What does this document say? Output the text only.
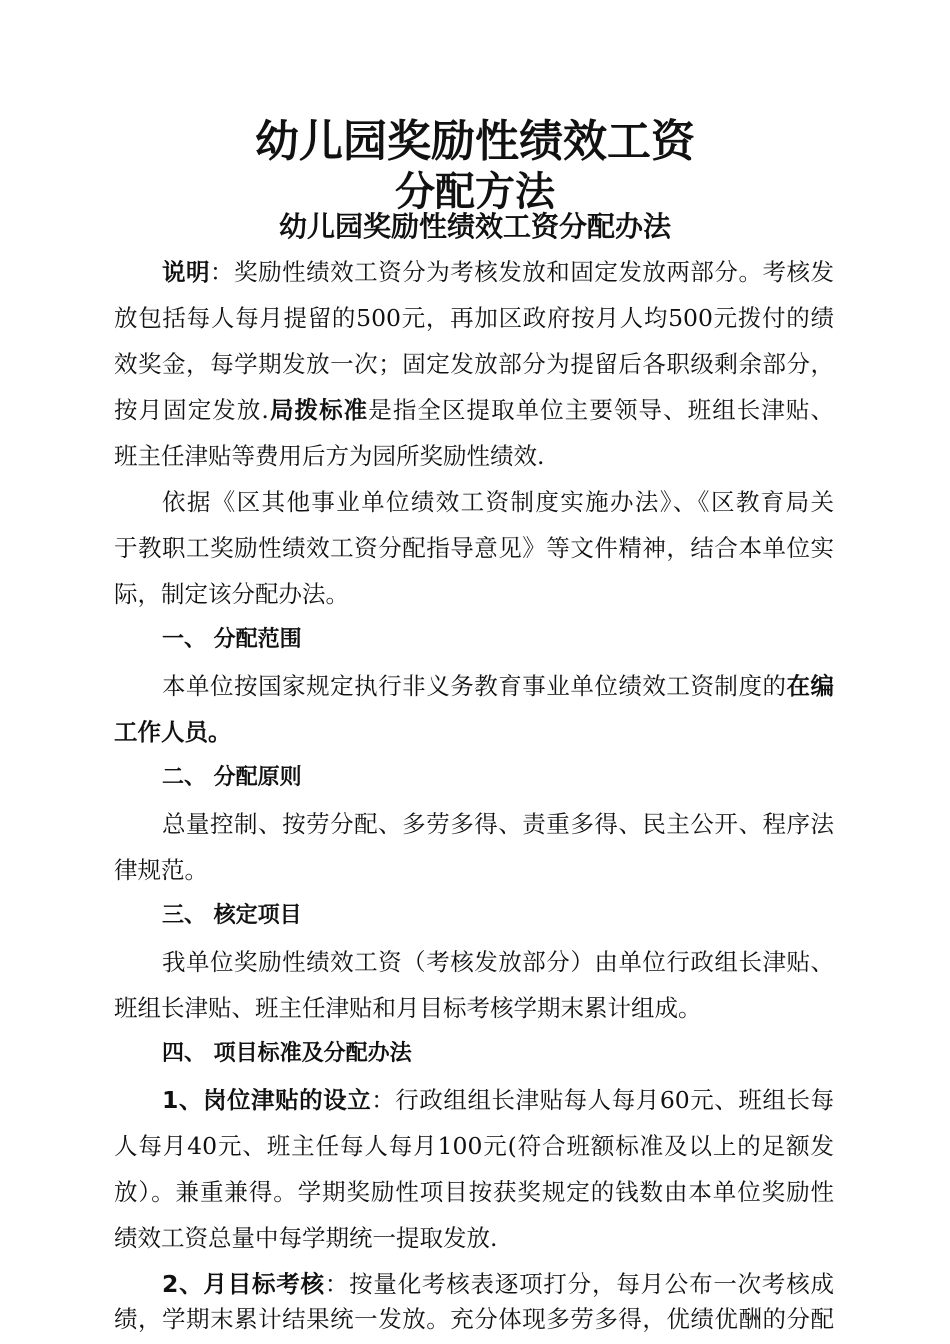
幼儿园奖励性绩效工资
分配方法
幼儿园奖励性绩效工资分配办法
说明：奖励性绩效工资分为考核发放和固定发放两部分。考核发
放包括每人每月提留的500元，再加区政府按月人均500元拨付的绩
效奖金，每学期发放一次；固定发放部分为提留后各职级剩余部分，
按月固定发放.局拨标准是指全区提取单位主要领导、班组长津贴、
班主任津贴等费用后方为园所奖励性绩效.
依据《区其他事业单位绩效工资制度实施办法》、《区教育局关
于教职工奖励性绩效工资分配指导意见》等文件精神，结合本单位实
际，制定该分配办法。
一、 分配范围
本单位按国家规定执行非义务教育事业单位绩效工资制度的在编
工作人员。
二、 分配原则
总量控制、按劳分配、多劳多得、责重多得、民主公开、程序法
律规范。
三、 核定项目
我单位奖励性绩效工资（考核发放部分）由单位行政组长津贴、
班组长津贴、班主任津贴和月目标考核学期末累计组成。
四、 项目标准及分配办法
1、岗位津贴的设立：行政组组长津贴每人每月60元、班组长每
人每月40元、班主任每人每月100元(符合班额标准及以上的足额发
放）。兼重兼得。学期奖励性项目按获奖规定的钱数由本单位奖励性
绩效工资总量中每学期统一提取发放.
2、月目标考核：按量化考核表逐项打分，每月公布一次考核成
绩，学期末累计结果统一发放。充分体现多劳多得，优绩优酬的分配
